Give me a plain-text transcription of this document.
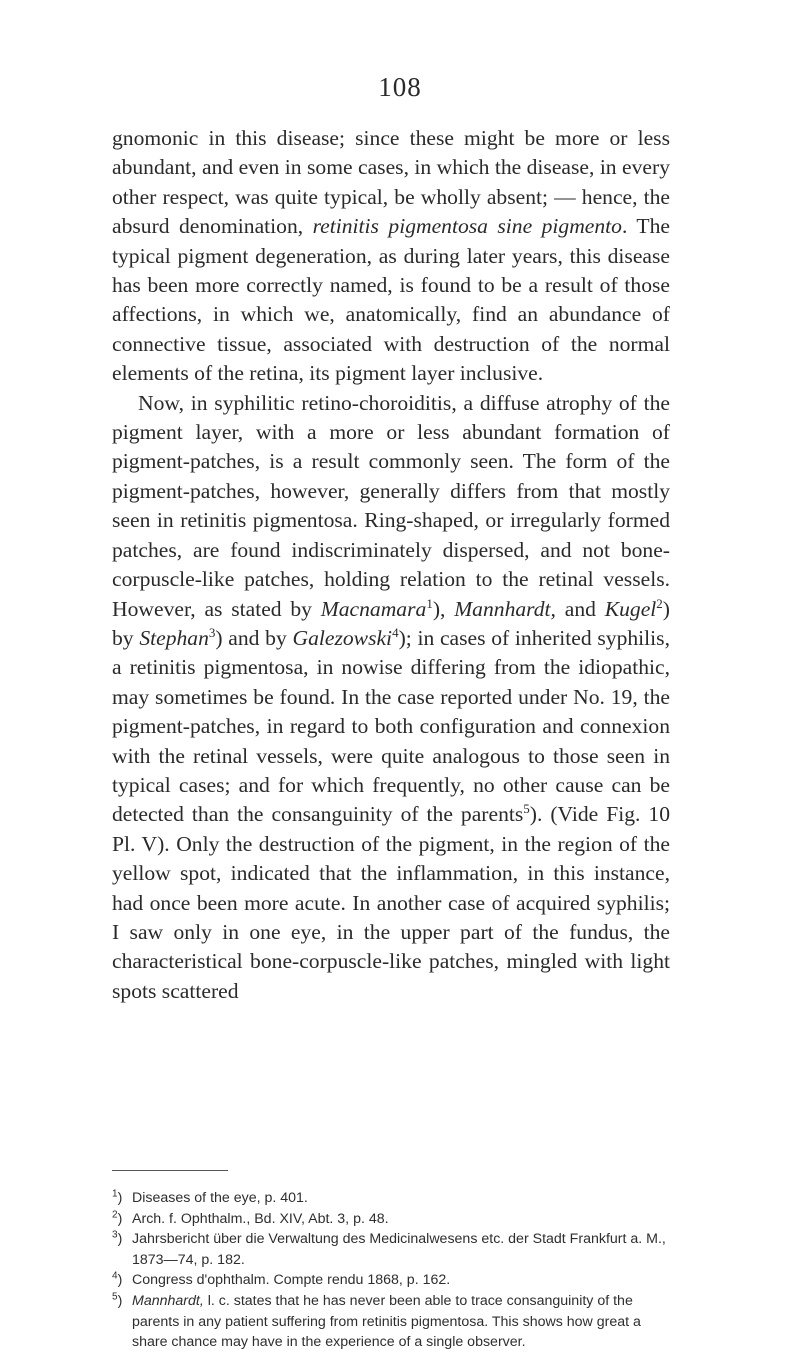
108

gnomonic in this disease; since these might be more or less abundant, and even in some cases, in which the disease, in every other respect, was quite typical, be wholly absent; — hence, the absurd denomination, retinitis pigmentosa sine pigmento. The typical pigment degeneration, as during later years, this disease has been more correctly named, is found to be a result of those affections, in which we, anatomically, find an abundance of connective tissue, associated with destruction of the normal elements of the retina, its pigment layer inclusive.

Now, in syphilitic retino-choroiditis, a diffuse atrophy of the pigment layer, with a more or less abundant formation of pigment-patches, is a result commonly seen. The form of the pigment-patches, however, generally differs from that mostly seen in retinitis pigmentosa. Ring-shaped, or irregularly formed patches, are found indiscriminately dispersed, and not bone-corpuscle-like patches, holding relation to the retinal vessels. However, as stated by Macnamara$^1$), Mannhardt, and Kugel$^2$) by Stephan$^3$) and by Galezowski$^4$); in cases of inherited syphilis, a retinitis pigmentosa, in nowise differing from the idiopathic, may sometimes be found. In the case reported under No. 19, the pigment-patches, in regard to both configuration and connexion with the retinal vessels, were quite analogous to those seen in typical cases; and for which frequently, no other cause can be detected than the consanguinity of the parents$^5$). (Vide Fig. 10 Pl. V). Only the destruction of the pigment, in the region of the yellow spot, indicated that the inflammation, in this instance, had once been more acute. In another case of acquired syphilis; I saw only in one eye, in the upper part of the fundus, the characteristical bone-corpuscle-like patches, mingled with light spots scattered

$^1$) Diseases of the eye, p. 401.
$^2$) Arch. f. Ophthalm., Bd. XIV, Abt. 3, p. 48.
$^3$) Jahrsbericht über die Verwaltung des Medicinalwesens etc. der Stadt Frankfurt a. M., 1873—74, p. 182.
$^4$) Congress d'ophthalm. Compte rendu 1868, p. 162.
$^5$) Mannhardt, l. c. states that he has never been able to trace consanguinity of the parents in any patient suffering from retinitis pigmentosa. This shows how great a share chance may have in the experience of a single observer.
